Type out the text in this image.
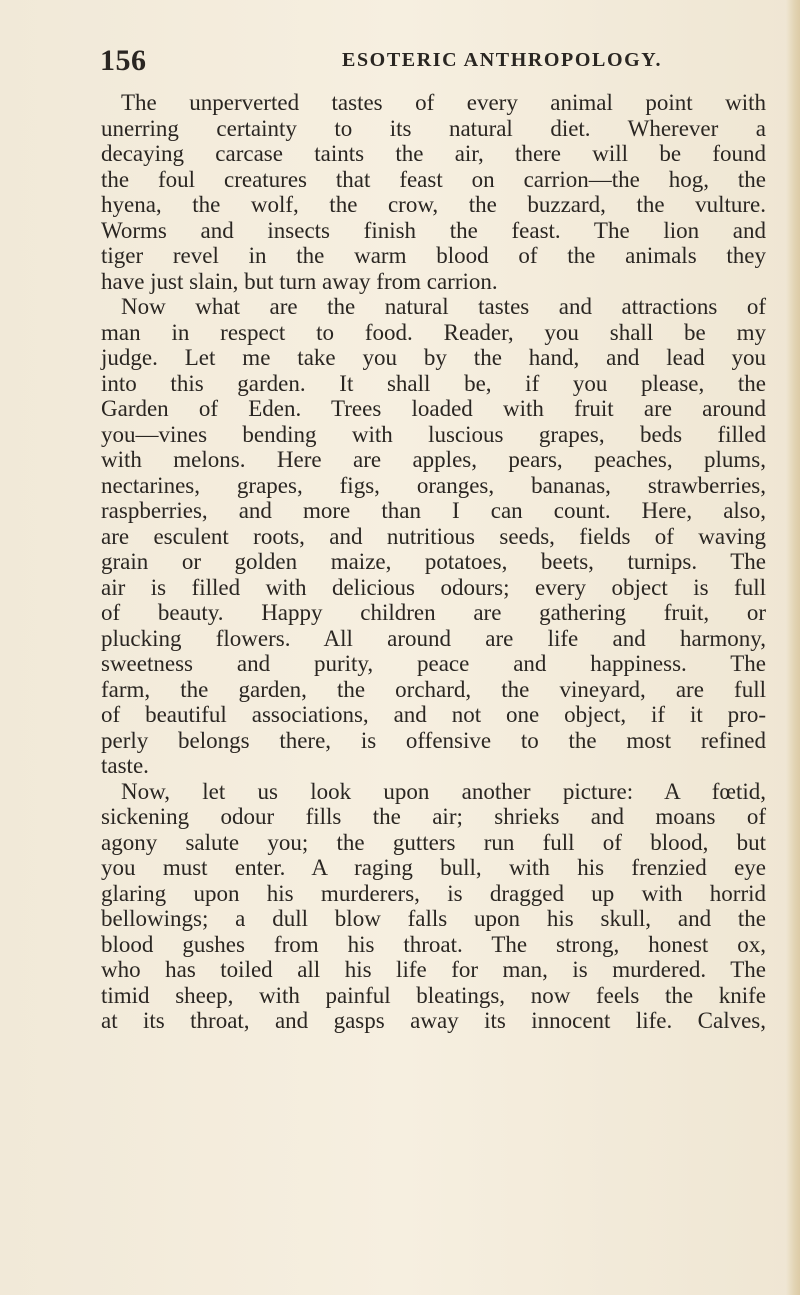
156	ESOTERIC ANTHROPOLOGY.
The unperverted tastes of every animal point with
unerring certainty to its natural diet. Wherever a
decaying carcase taints the air, there will be found
the foul creatures that feast on carrion—the hog, the
hyena, the wolf, the crow, the buzzard, the vulture.
Worms and insects finish the feast. The lion and
tiger revel in the warm blood of the animals they
have just slain, but turn away from carrion.
Now what are the natural tastes and attractions of
man in respect to food. Reader, you shall be my
judge. Let me take you by the hand, and lead you
into this garden. It shall be, if you please, the
Garden of Eden. Trees loaded with fruit are around
you—vines bending with luscious grapes, beds filled
with melons. Here are apples, pears, peaches, plums,
nectarines, grapes, figs, oranges, bananas, strawberries,
raspberries, and more than I can count. Here, also,
are esculent roots, and nutritious seeds, fields of waving
grain or golden maize, potatoes, beets, turnips. The
air is filled with delicious odours; every object is full
of beauty. Happy children are gathering fruit, or
plucking flowers. All around are life and harmony,
sweetness and purity, peace and happiness. The
farm, the garden, the orchard, the vineyard, are full
of beautiful associations, and not one object, if it pro-
perly belongs there, is offensive to the most refined
taste.
Now, let us look upon another picture: A fœtid,
sickening odour fills the air; shrieks and moans of
agony salute you; the gutters run full of blood, but
you must enter. A raging bull, with his frenzied eye
glaring upon his murderers, is dragged up with horrid
bellowings; a dull blow falls upon his skull, and the
blood gushes from his throat. The strong, honest ox,
who has toiled all his life for man, is murdered. The
timid sheep, with painful bleatings, now feels the knife
at its throat, and gasps away its innocent life. Calves,
